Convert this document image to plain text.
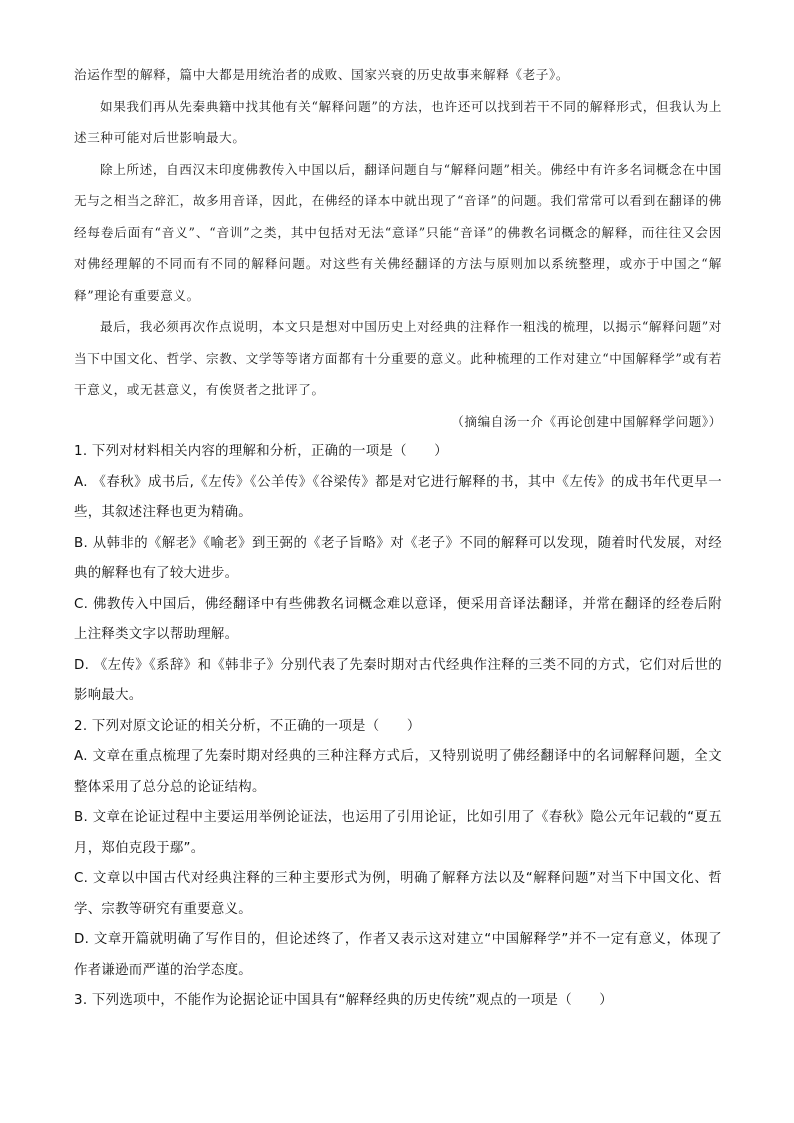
治运作型的解释，篇中大都是用统治者的成败、国家兴衰的历史故事来解释《老子》。

如果我们再从先秦典籍中找其他有关“解释问题”的方法，也许还可以找到若干不同的解释形式，但我认为上述三种可能对后世影响最大。

除上所述，自西汉末印度佛教传入中国以后，翻译问题自与“解释问题”相关。佛经中有许多名词概念在中国无与之相当之辞汇，故多用音译，因此，在佛经的译本中就出现了“音译”的问题。我们常常可以看到在翻译的佛经每卷后面有“音义”、“音训”之类，其中包括对无法“意译”只能“音译”的佛教名词概念的解释，而往往又会因对佛经理解的不同而有不同的解释问题。对这些有关佛经翻译的方法与原则加以系统整理，或亦于中国之“解释”理论有重要意义。

最后，我必须再次作点说明，本文只是想对中国历史上对经典的注释作一粗浅的梳理，以揭示“解释问题”对当下中国文化、哲学、宗教、文学等等诸方面都有十分重要的意义。此种梳理的工作对建立“中国解释学”或有若干意义，或无甚意义，有俟贤者之批评了。

（摘编自汤一介《再论创建中国解释学问题》）

1. 下列对材料相关内容的理解和分析，正确的一项是（　　）

A. 《春秋》成书后,《左传》《公羊传》《谷梁传》都是对它进行解释的书，其中《左传》的成书年代更早一些，其叙述注释也更为精确。

B. 从韩非的《解老》《喻老》到王弼的《老子旨略》对《老子》不同的解释可以发现，随着时代发展，对经典的解释也有了较大进步。

C. 佛教传入中国后，佛经翻译中有些佛教名词概念难以意译，便采用音译法翻译，并常在翻译的经卷后附上注释类文字以帮助理解。

D. 《左传》《系辞》和《韩非子》分别代表了先秦时期对古代经典作注释的三类不同的方式，它们对后世的影响最大。

2. 下列对原文论证的相关分析，不正确的一项是（　　）

A. 文章在重点梳理了先秦时期对经典的三种注释方式后，又特别说明了佛经翻译中的名词解释问题，全文整体采用了总分总的论证结构。

B. 文章在论证过程中主要运用举例论证法，也运用了引用论证，比如引用了《春秋》隐公元年记载的“夏五月，郑伯克段于鄢”。

C. 文章以中国古代对经典注释的三种主要形式为例，明确了解释方法以及“解释问题”对当下中国文化、哲学、宗教等研究有重要意义。

D. 文章开篇就明确了写作目的，但论述终了，作者又表示这对建立“中国解释学”并不一定有意义，体现了作者谦逊而严谨的治学态度。

3. 下列选项中，不能作为论据论证中国具有“解释经典的历史传统”观点的一项是（　　）
